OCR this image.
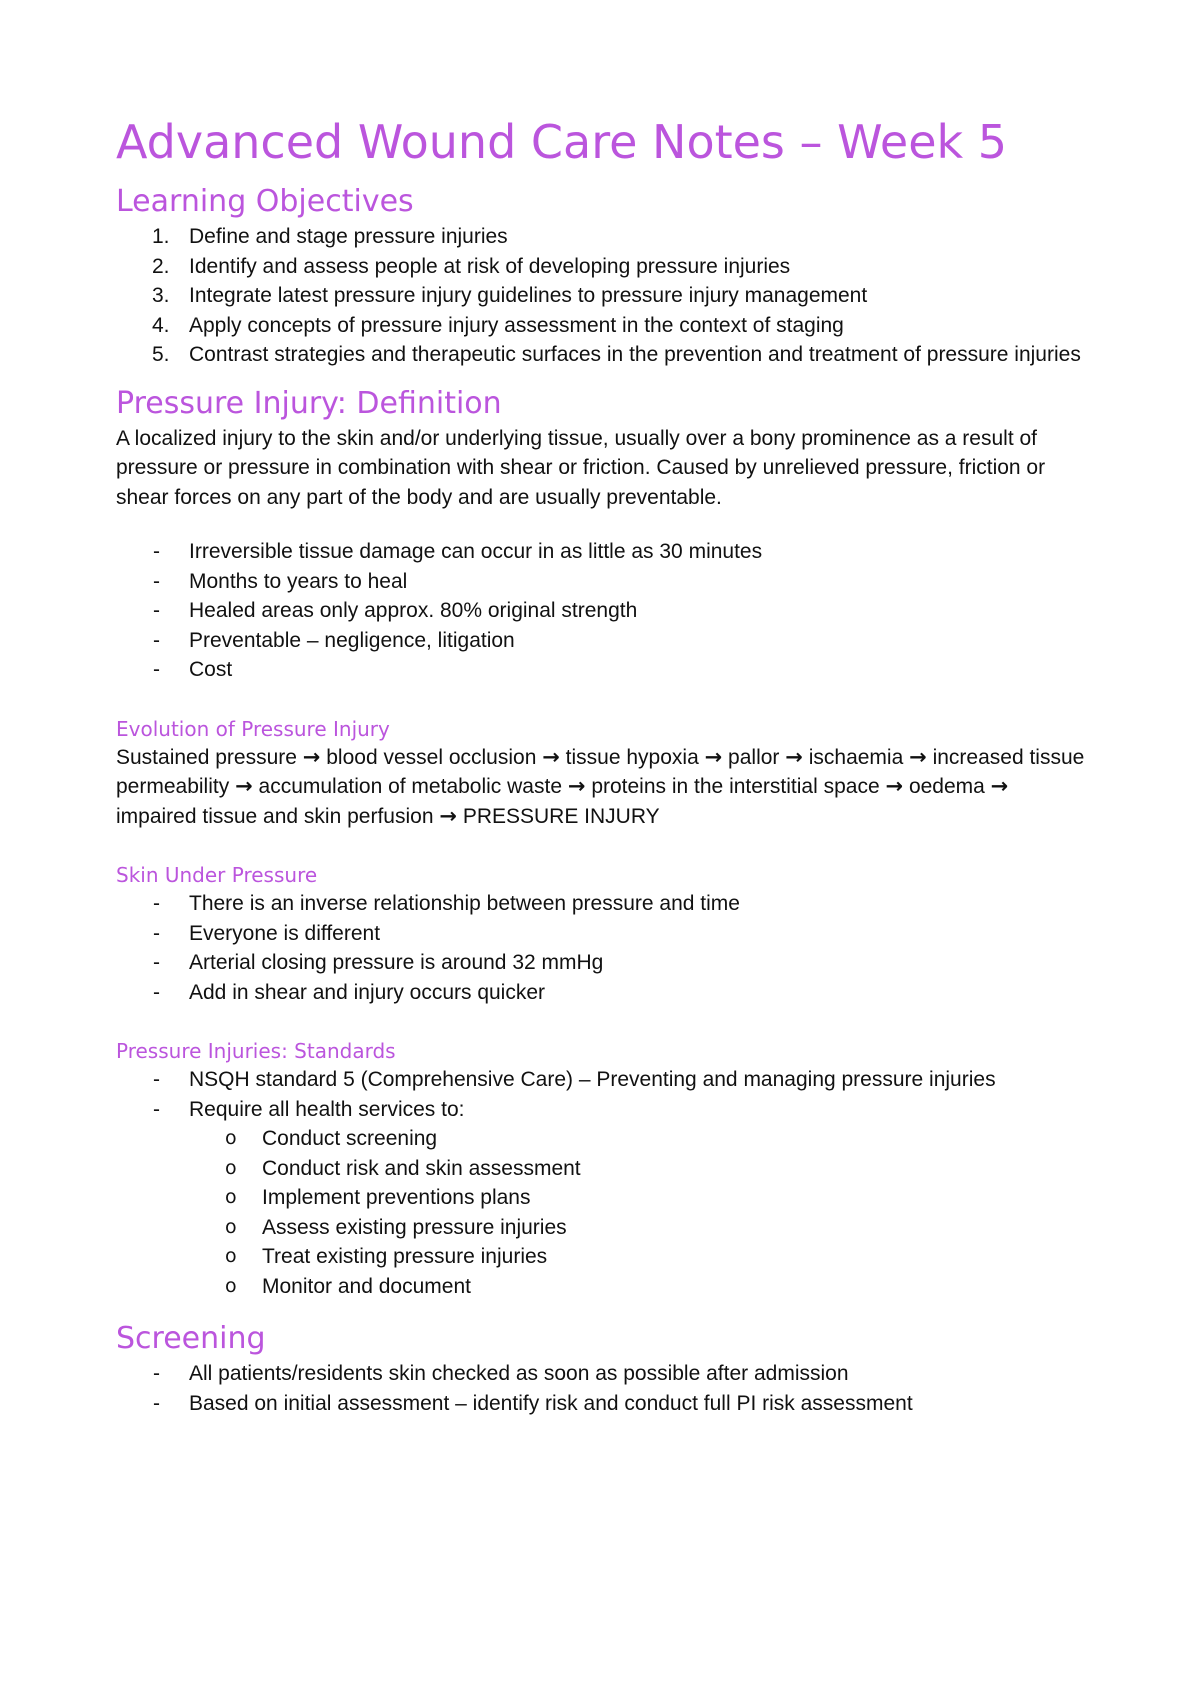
Advanced Wound Care Notes – Week 5
Learning Objectives
1. Define and stage pressure injuries
2. Identify and assess people at risk of developing pressure injuries
3. Integrate latest pressure injury guidelines to pressure injury management
4. Apply concepts of pressure injury assessment in the context of staging
5. Contrast strategies and therapeutic surfaces in the prevention and treatment of pressure injuries
Pressure Injury: Definition

A localized injury to the skin and/or underlying tissue, usually over a bony prominence as a result of pressure or pressure in combination with shear or friction. Caused by unrelieved pressure, friction or shear forces on any part of the body and are usually preventable.

- Irreversible tissue damage can occur in as little as 30 minutes
- Months to years to heal
- Healed areas only approx. 80% original strength
- Preventable – negligence, litigation
- Cost
Evolution of Pressure Injury

Sustained pressure → blood vessel occlusion → tissue hypoxia → pallor → ischaemia → increased tissue permeability → accumulation of metabolic waste → proteins in the interstitial space → oedema → impaired tissue and skin perfusion → PRESSURE INJURY

Skin Under Pressure
- There is an inverse relationship between pressure and time
- Everyone is different
- Arterial closing pressure is around 32 mmHg
- Add in shear and injury occurs quicker
Pressure Injuries: Standards
- NSQH standard 5 (Comprehensive Care) – Preventing and managing pressure injuries
- Require all health services to:
o Conduct screening
o Conduct risk and skin assessment
o Implement preventions plans
o Assess existing pressure injuries
o Treat existing pressure injuries
o Monitor and document
Screening
- All patients/residents skin checked as soon as possible after admission
- Based on initial assessment – identify risk and conduct full PI risk assessment
